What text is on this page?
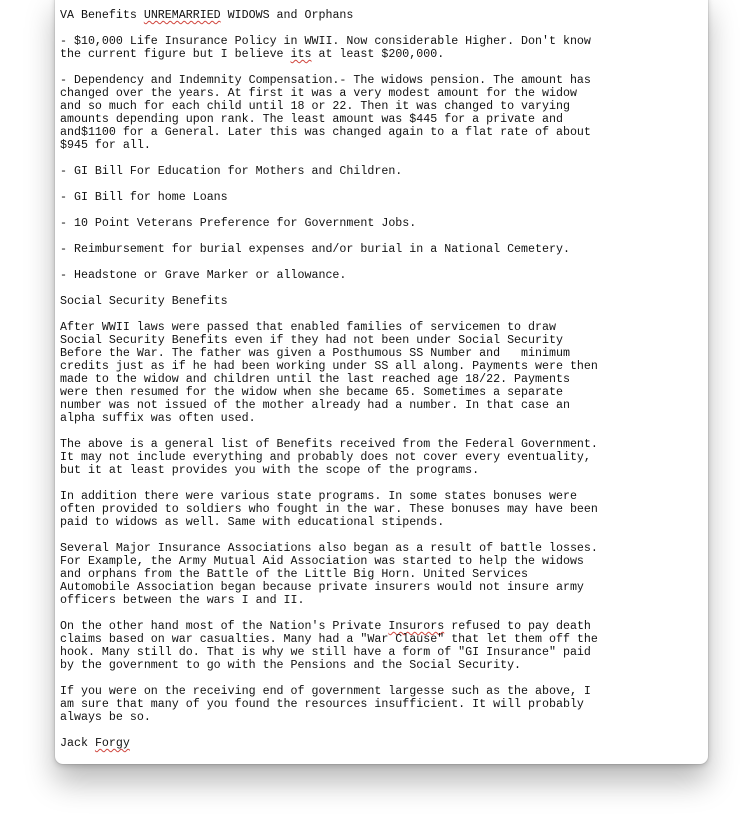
VA Benefits UNREMARRIED WIDOWS and Orphans
- $10,000 Life Insurance Policy in WWII. Now considerable Higher. Don't know
the current figure but I believe its at least $200,000.
- Dependency and Indemnity Compensation.- The widows pension. The amount has
changed over the years. At first it was a very modest amount for the widow
and so much for each child until 18 or 22. Then it was changed to varying
amounts depending upon rank. The least amount was $445 for a private and
and$1100 for a General. Later this was changed again to a flat rate of about
$945 for all.
- GI Bill For Education for Mothers and Children.
- GI Bill for home Loans
- 10 Point Veterans Preference for Government Jobs.
- Reimbursement for burial expenses and/or burial in a National Cemetery.
- Headstone or Grave Marker or allowance.
Social Security Benefits
After WWII laws were passed that enabled families of servicemen to draw
Social Security Benefits even if they had not been under Social Security
Before the War. The father was given a Posthumous SS Number and   minimum
credits just as if he had been working under SS all along. Payments were then
made to the widow and children until the last reached age 18/22. Payments
were then resumed for the widow when she became 65. Sometimes a separate
number was not issued of the mother already had a number. In that case an
alpha suffix was often used.
The above is a general list of Benefits received from the Federal Government.
It may not include everything and probably does not cover every eventuality,
but it at least provides you with the scope of the programs.
In addition there were various state programs. In some states bonuses were
often provided to soldiers who fought in the war. These bonuses may have been
paid to widows as well. Same with educational stipends.
Several Major Insurance Associations also began as a result of battle losses.
For Example, the Army Mutual Aid Association was started to help the widows
and orphans from the Battle of the Little Big Horn. United Services
Automobile Association began because private insurers would not insure army
officers between the wars I and II.
On the other hand most of the Nation's Private Insurors refused to pay death
claims based on war casualties. Many had a "War Clause" that let them off the
hook. Many still do. That is why we still have a form of "GI Insurance" paid
by the government to go with the Pensions and the Social Security.
If you were on the receiving end of government largesse such as the above, I
am sure that many of you found the resources insufficient. It will probably
always be so.
Jack Forgy
